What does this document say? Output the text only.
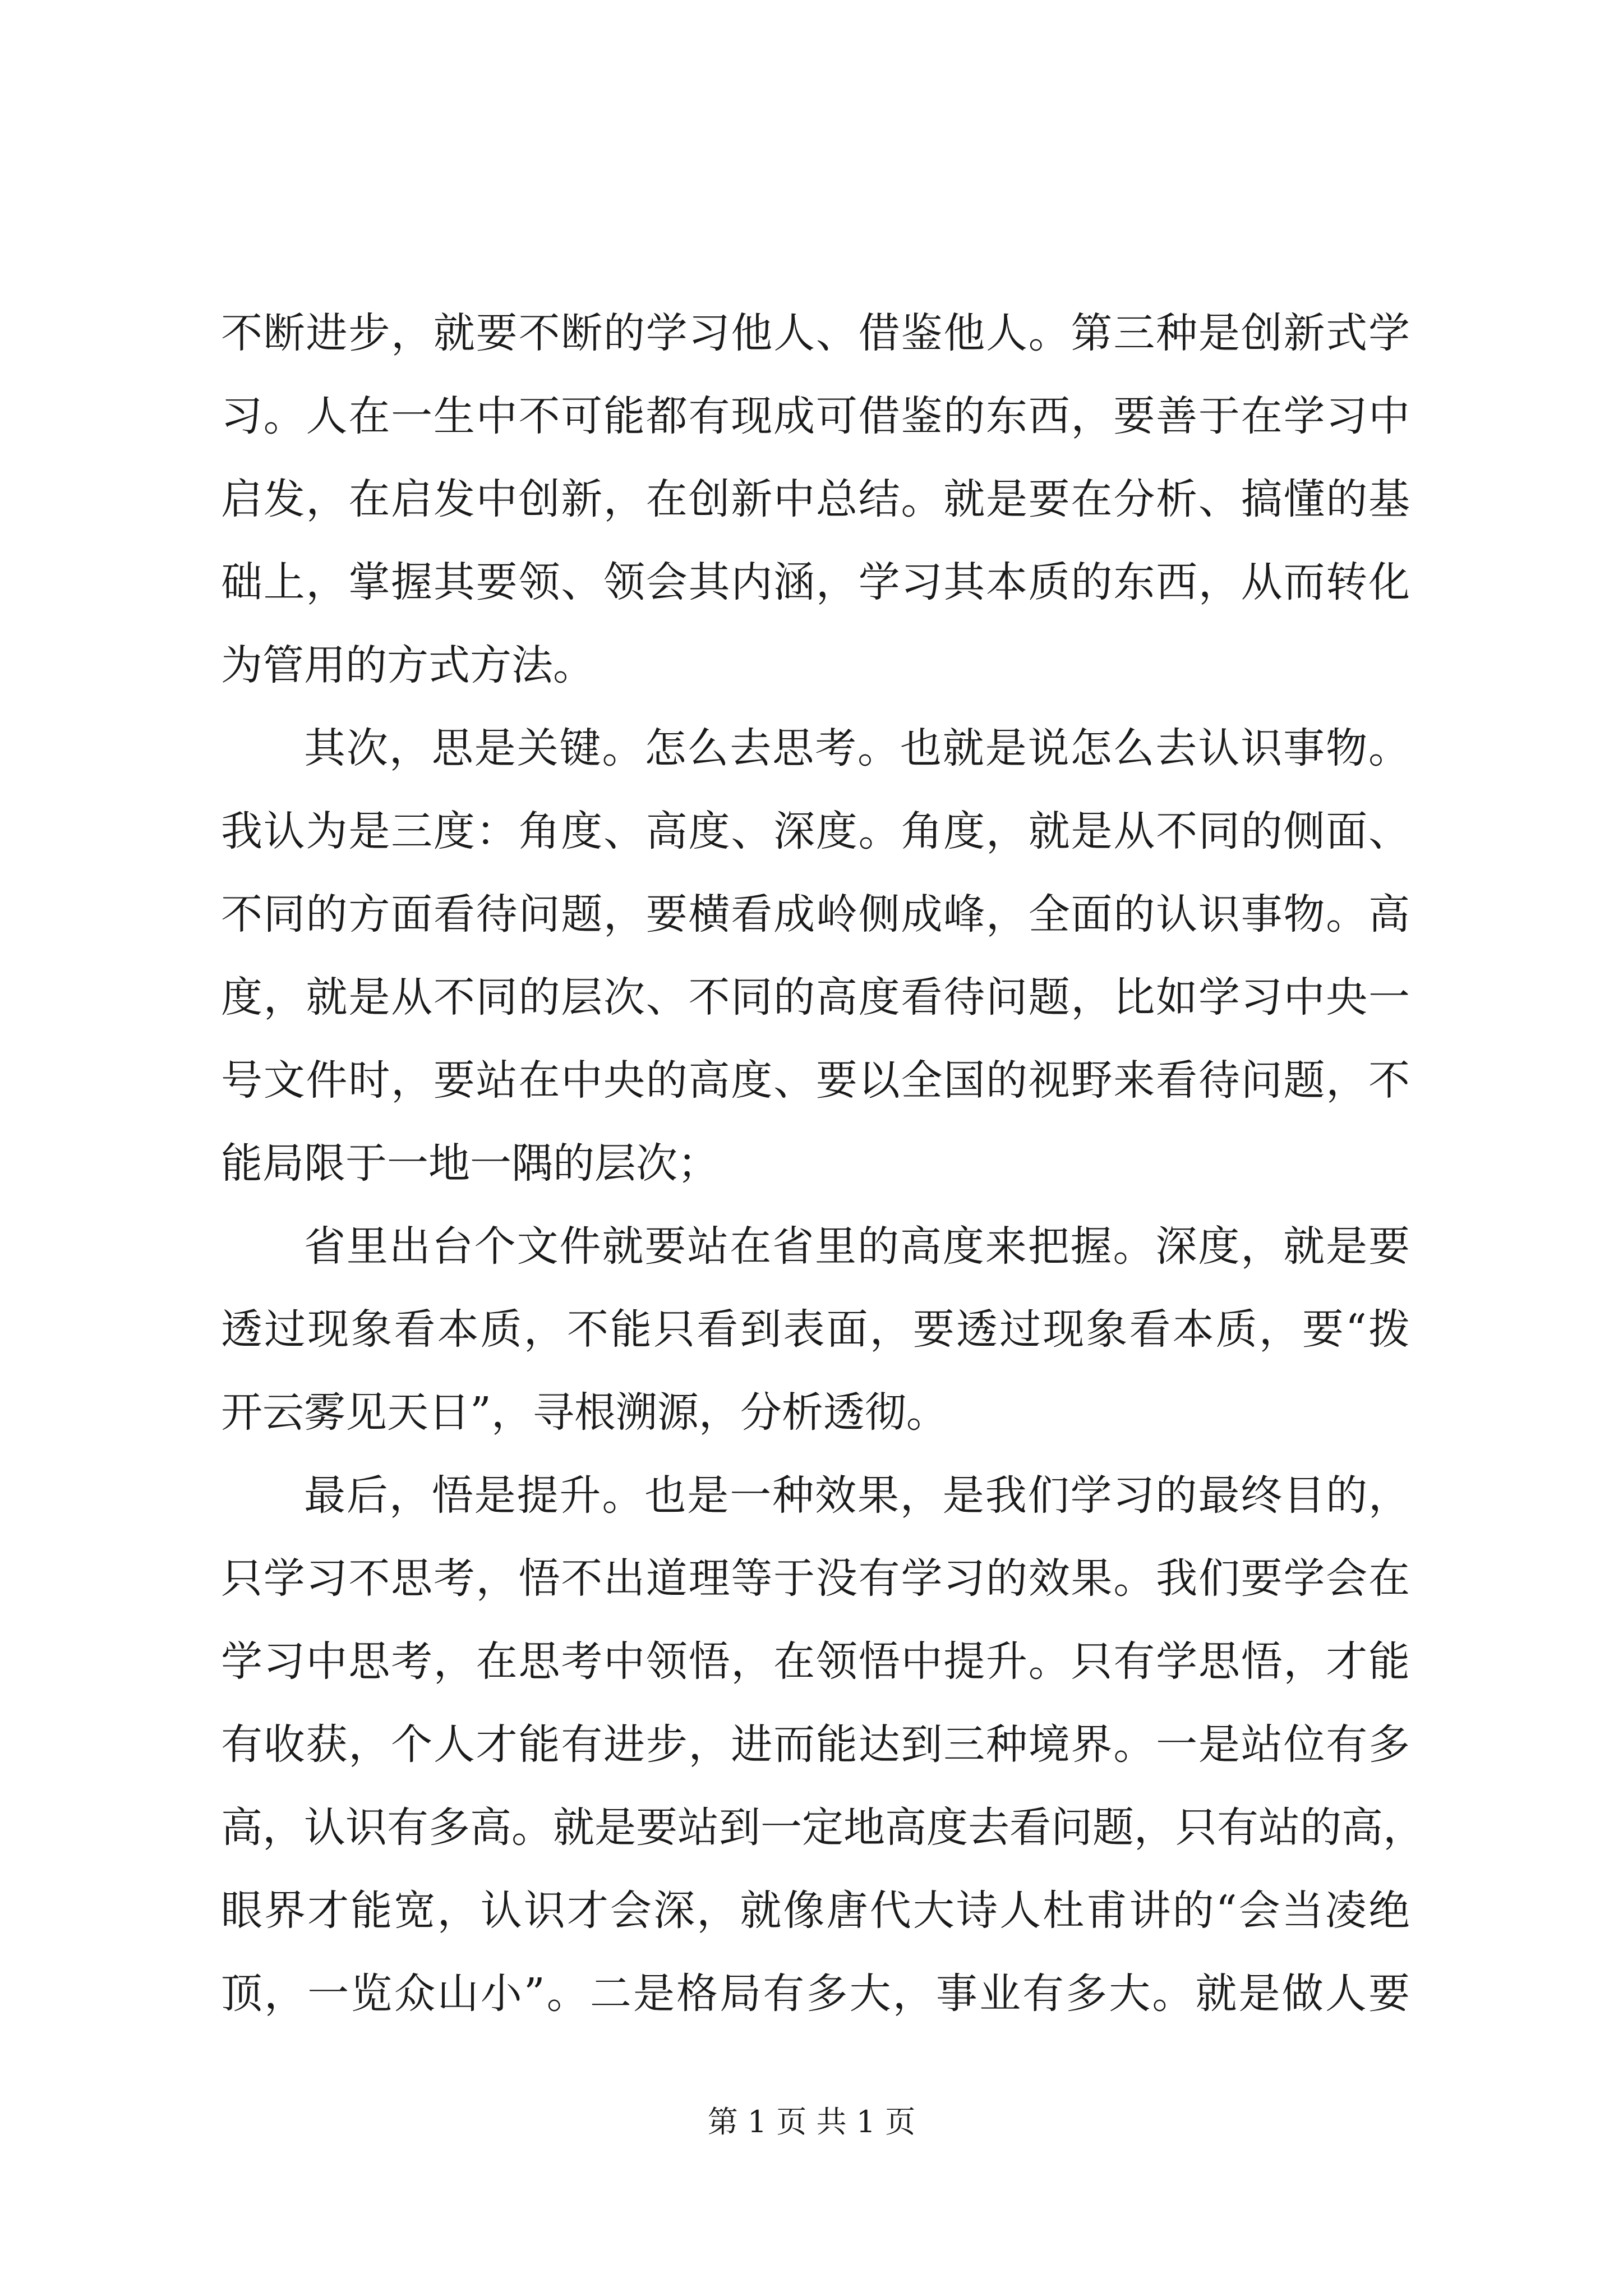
不断进步，就要不断的学习他人、借鉴他人。第三种是创新式学
习。人在一生中不可能都有现成可借鉴的东西，要善于在学习中
启发，在启发中创新，在创新中总结。就是要在分析、搞懂的基
础上，掌握其要领、领会其内涵，学习其本质的东西，从而转化
为管用的方式方法。
其次，思是关键。怎么去思考。也就是说怎么去认识事物。
我认为是三度：角度、高度、深度。角度，就是从不同的侧面、
不同的方面看待问题，要横看成岭侧成峰，全面的认识事物。高
度，就是从不同的层次、不同的高度看待问题，比如学习中央一
号文件时，要站在中央的高度、要以全国的视野来看待问题，不
能局限于一地一隅的层次；
省里出台个文件就要站在省里的高度来把握。深度，就是要
透过现象看本质，不能只看到表面，要透过现象看本质，要“拨
开云雾见天日”，寻根溯源，分析透彻。
最后，悟是提升。也是一种效果，是我们学习的最终目的，
只学习不思考，悟不出道理等于没有学习的效果。我们要学会在
学习中思考，在思考中领悟，在领悟中提升。只有学思悟，才能
有收获，个人才能有进步，进而能达到三种境界。一是站位有多
高，认识有多高。就是要站到一定地高度去看问题，只有站的高，
眼界才能宽，认识才会深，就像唐代大诗人杜甫讲的“会当凌绝
顶，一览众山小”。二是格局有多大，事业有多大。就是做人要
第 1 页 共 1 页
